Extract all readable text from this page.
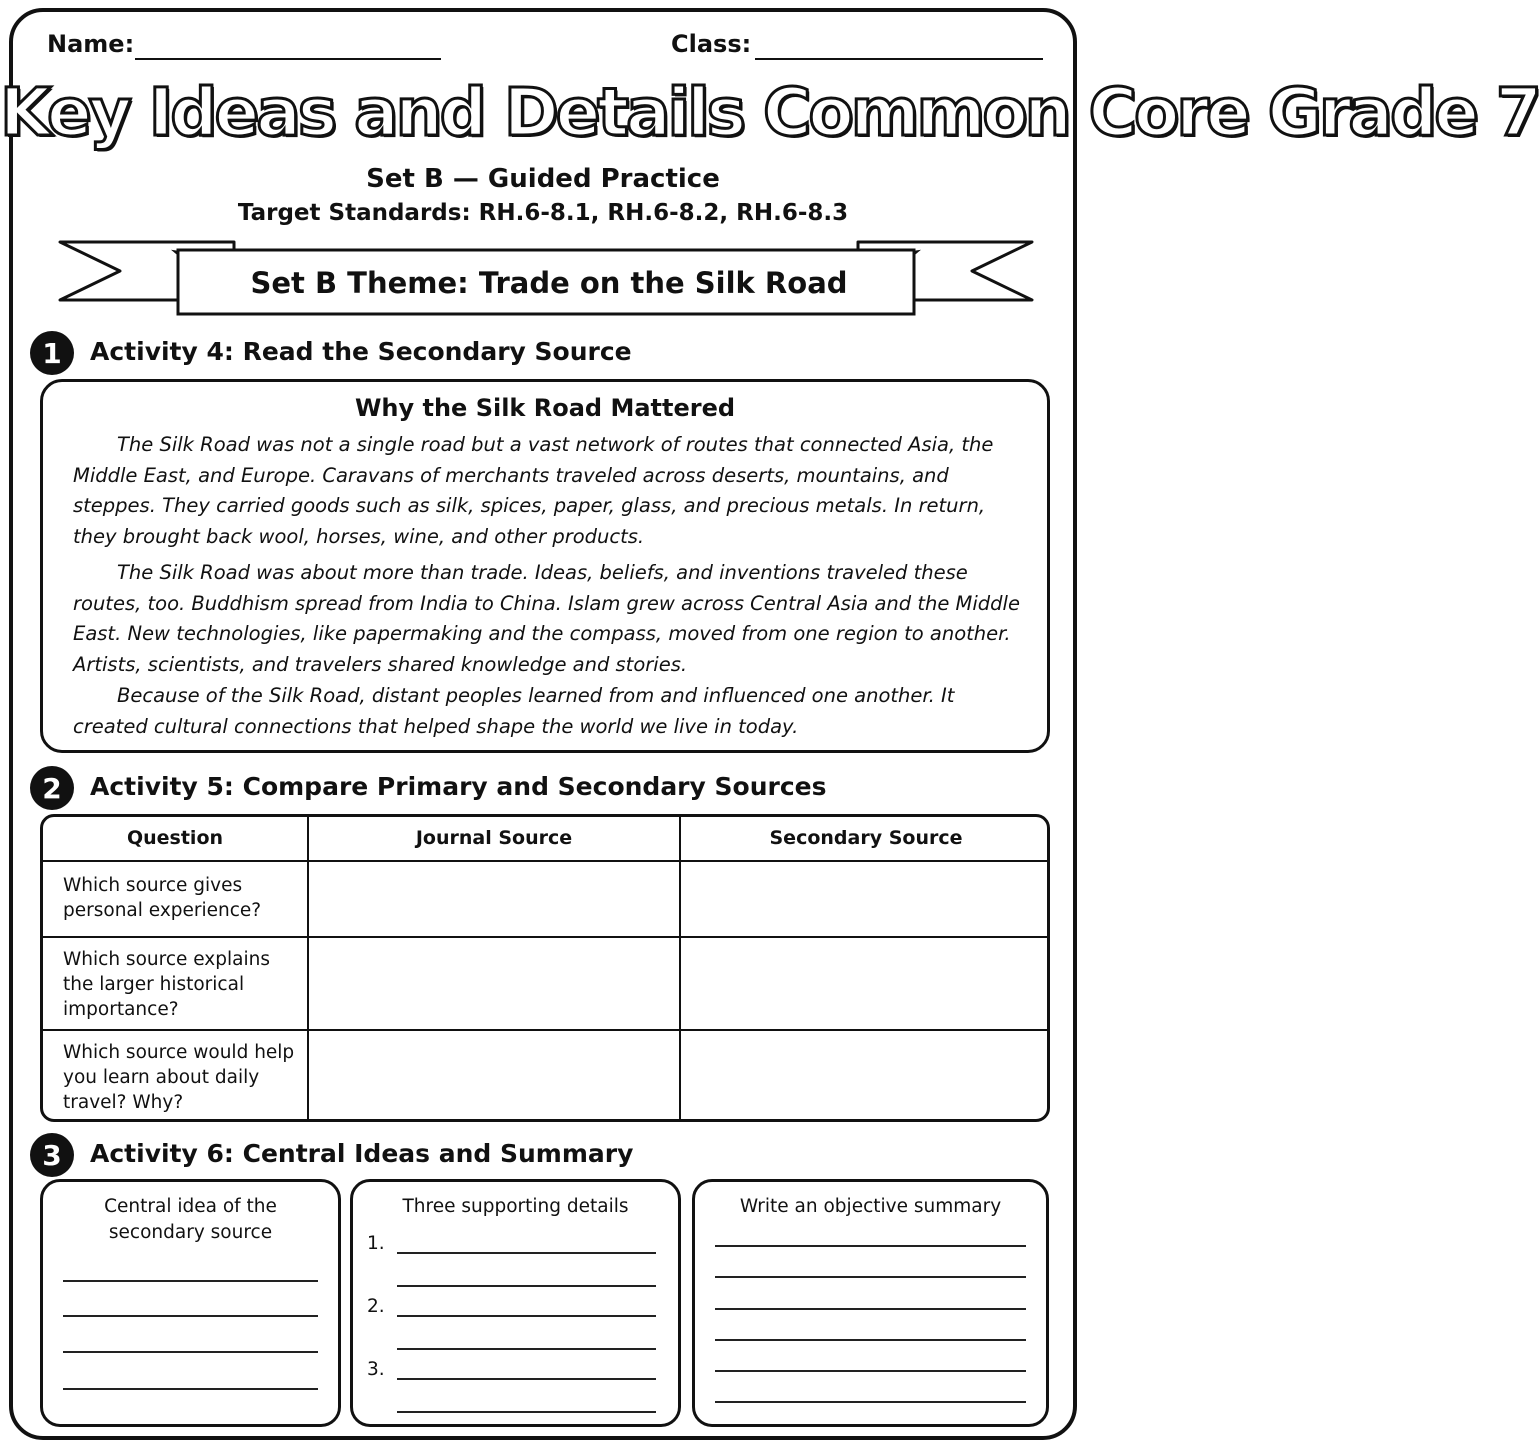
Name:	Class:
Key Ideas and Details Common Core Grade 7
Set B — Guided Practice
Target Standards: RH.6-8.1, RH.6-8.2, RH.6-8.3
Set B Theme: Trade on the Silk Road
1	Activity 4: Read the Secondary Source
Why the Silk Road Mattered
The Silk Road was not a single road but a vast network of routes that connected Asia, the Middle East, and Europe. Caravans of merchants traveled across deserts, mountains, and steppes. They carried goods such as silk, spices, paper, glass, and precious metals. In return, they brought back wool, horses, wine, and other products.
The Silk Road was about more than trade. Ideas, beliefs, and inventions traveled these routes, too. Buddhism spread from India to China. Islam grew across Central Asia and the Middle East. New technologies, like papermaking and the compass, moved from one region to another. Artists, scientists, and travelers shared knowledge and stories.
Because of the Silk Road, distant peoples learned from and influenced one another. It created cultural connections that helped shape the world we live in today.
2	Activity 5: Compare Primary and Secondary Sources
Question	Journal Source	Secondary Source
Which source gives personal experience?
Which source explains the larger historical importance?
Which source would help you learn about daily travel? Why?
3	Activity 6: Central Ideas and Summary
Central idea of the secondary source
Three supporting details
1.
2.
3.
Write an objective summary
